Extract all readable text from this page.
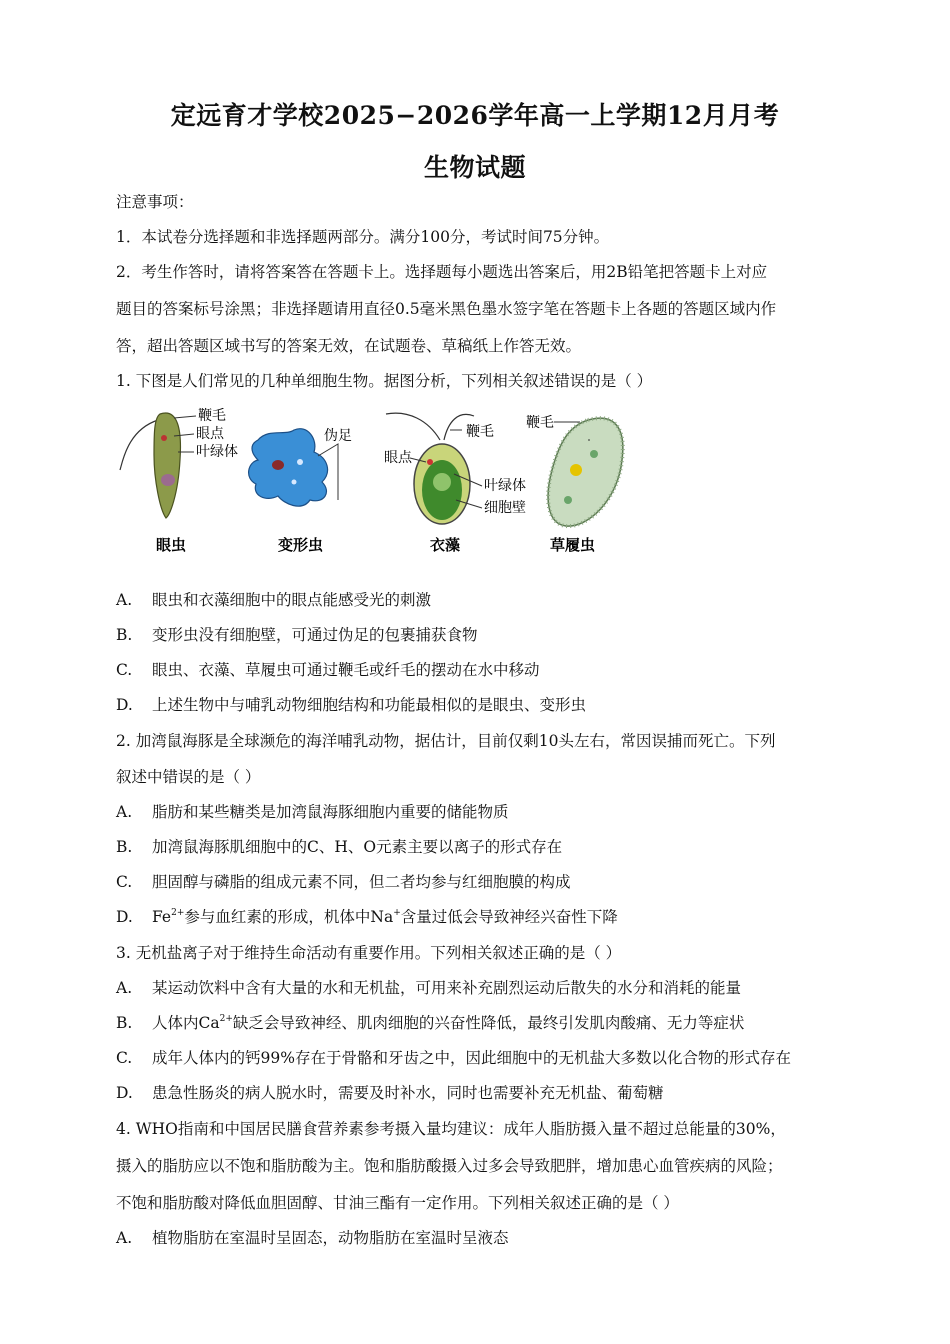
定远育才学校2025−2026学年高一上学期12月月考
生物试题
注意事项：
1．本试卷分选择题和非选择题两部分。满分100分，考试时间75分钟。
2．考生作答时，请将答案答在答题卡上。选择题每小题选出答案后，用2B铅笔把答题卡上对应
题目的答案标号涂黑；非选择题请用直径0.5毫米黑色墨水签字笔在答题卡上各题的答题区域内作
答，超出答题区域书写的答案无效，在试题卷、草稿纸上作答无效。
1. 下图是人们常见的几种单细胞生物。据图分析，下列相关叙述错误的是（ ）
鞭毛
眼点
叶绿体
眼虫
伪足
变形虫
眼点
鞭毛
叶绿体
细胞壁
衣藻
鞭毛
草履虫
A. 眼虫和衣藻细胞中的眼点能感受光的刺激
B. 变形虫没有细胞壁，可通过伪足的包裹捕获食物
C. 眼虫、衣藻、草履虫可通过鞭毛或纤毛的摆动在水中移动
D. 上述生物中与哺乳动物细胞结构和功能最相似的是眼虫、变形虫
2. 加湾鼠海豚是全球濒危的海洋哺乳动物，据估计，目前仅剩10头左右，常因误捕而死亡。下列
叙述中错误的是（ ）
A. 脂肪和某些糖类是加湾鼠海豚细胞内重要的储能物质
B. 加湾鼠海豚肌细胞中的C、H、O元素主要以离子的形式存在
C. 胆固醇与磷脂的组成元素不同，但二者均参与红细胞膜的构成
D. $Fe^{2+}$参与血红素的形成，机体中Na+含量过低会导致神经兴奋性下降
3. 无机盐离子对于维持生命活动有重要作用。下列相关叙述正确的是（ ）
A. 某运动饮料中含有大量的水和无机盐，可用来补充剧烈运动后散失的水分和消耗的能量
B. 人体内$Ca^{2+}$缺乏会导致神经、肌肉细胞的兴奋性降低，最终引发肌肉酸痛、无力等症状
C. 成年人体内的钙99%存在于骨骼和牙齿之中，因此细胞中的无机盐大多数以化合物的形式存在
D. 患急性肠炎的病人脱水时，需要及时补水，同时也需要补充无机盐、葡萄糖
4. WHO指南和中国居民膳食营养素参考摄入量均建议：成年人脂肪摄入量不超过总能量的30%，
摄入的脂肪应以不饱和脂肪酸为主。饱和脂肪酸摄入过多会导致肥胖，增加患心血管疾病的风险；
不饱和脂肪酸对降低血胆固醇、甘油三酯有一定作用。下列相关叙述正确的是（ ）
A. 植物脂肪在室温时呈固态，动物脂肪在室温时呈液态
